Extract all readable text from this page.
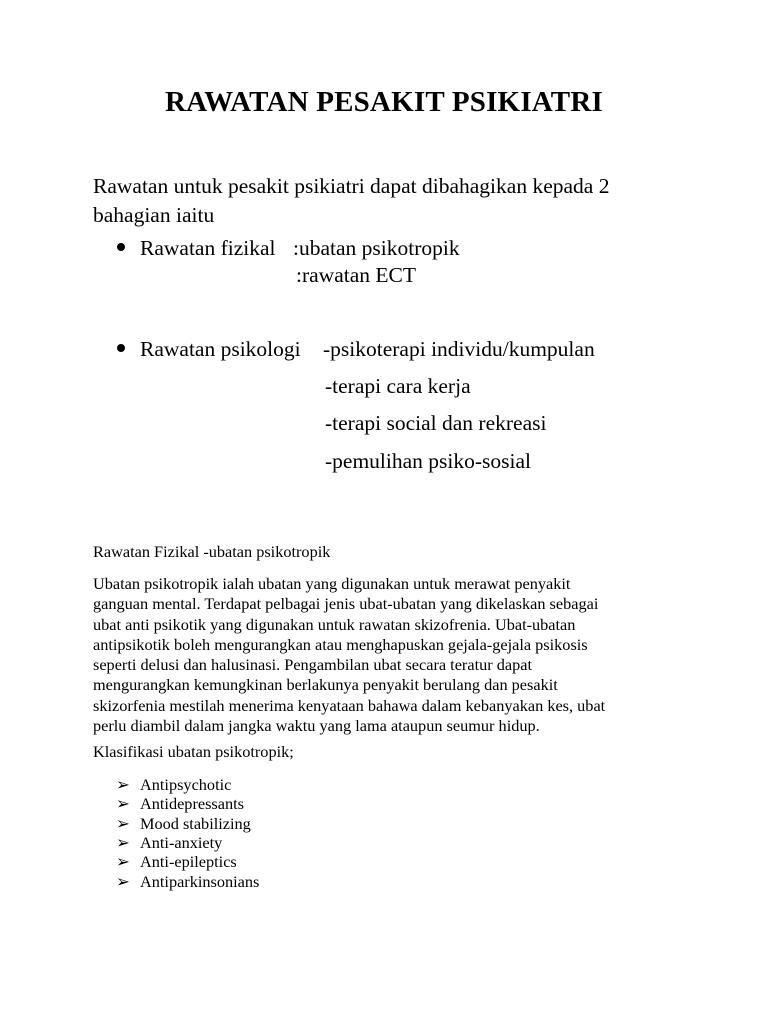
RAWATAN PESAKIT PSIKIATRI
Rawatan untuk pesakit psikiatri dapat dibahagikan kepada 2
bahagian iaitu
Rawatan fizikal :ubatan psikotropik
:rawatan ECT
Rawatan psikologi -psikoterapi individu/kumpulan
-terapi cara kerja
-terapi social dan rekreasi
-pemulihan psiko-sosial
Rawatan Fizikal -ubatan psikotropik
Ubatan psikotropik ialah ubatan yang digunakan untuk merawat penyakit
ganguan mental. Terdapat pelbagai jenis ubat-ubatan yang dikelaskan sebagai
ubat anti psikotik yang digunakan untuk rawatan skizofrenia. Ubat-ubatan
antipsikotik boleh mengurangkan atau menghapuskan gejala-gejala psikosis
seperti delusi dan halusinasi. Pengambilan ubat secara teratur dapat
mengurangkan kemungkinan berlakunya penyakit berulang dan pesakit
skizorfenia mestilah menerima kenyataan bahawa dalam kebanyakan kes, ubat
perlu diambil dalam jangka waktu yang lama ataupun seumur hidup.
Klasifikasi ubatan psikotropik;
➢ Antipsychotic
➢ Antidepressants
➢ Mood stabilizing
➢ Anti-anxiety
➢ Anti-epileptics
➢ Antiparkinsonians
